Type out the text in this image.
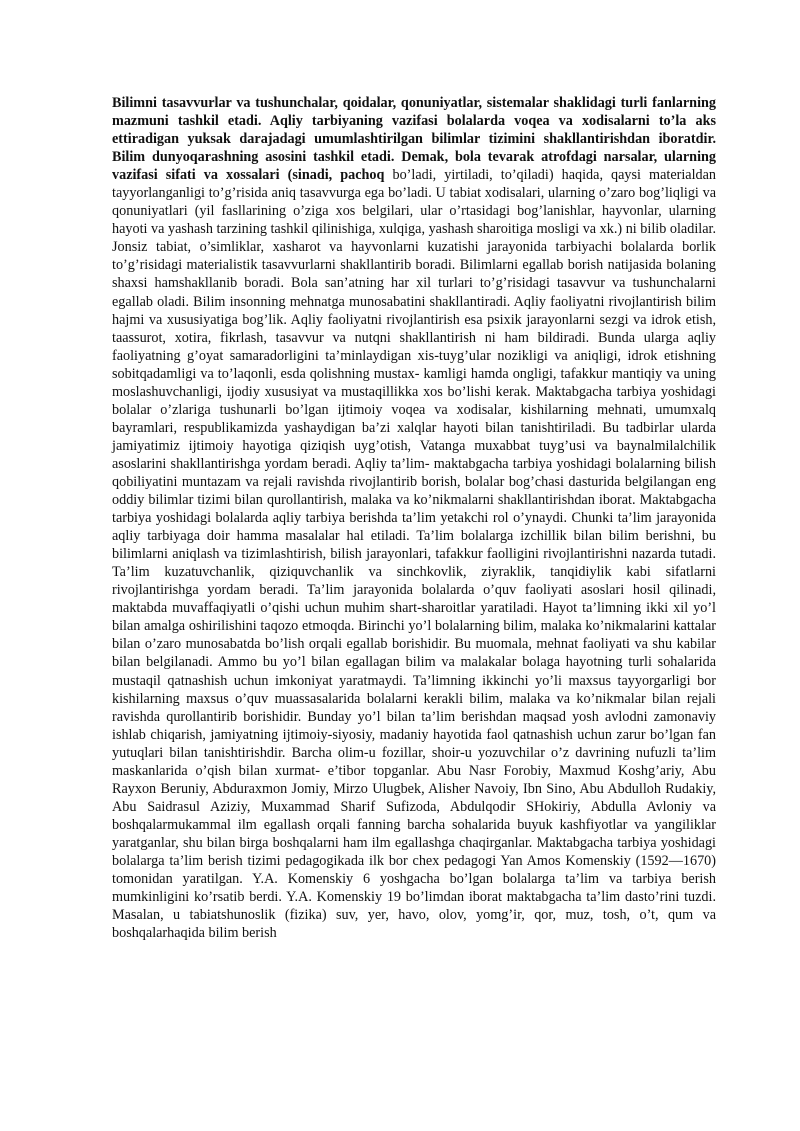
Bilimni tasavvurlar va tushunchalar, qoidalar, qonuniyatlar, sistemalar shaklidagi turli fanlarning mazmuni tashkil etadi. Aqliy tarbiyaning vazifasi bolalarda voqea va xodisalarni to’la aks ettiradigan yuksak darajadagi umumlashtirilgan bilimlar tizimini shakllantirishdan iboratdir. Bilim dunyoqarashning asosini tashkil etadi. Demak, bola tevarak atrofdagi narsalar, ularning vazifasi sifati va xossalari (sinadi, pachoq bo’ladi, yirtiladi, to’qiladi) haqida, qaysi materialdan tayyorlanganligi to’g’risida aniq tasavvurga ega bo’ladi. U tabiat xodisalari, ularning o’zaro bog’liqligi va qonuniyatlari (yil fasllarining o’ziga xos belgilari, ular o’rtasidagi bog’lanishlar, hayvonlar, ularning hayoti va yashash tarzining tashkil qilinishiga, xulqiga, yashash sharoitiga mosligi va xk.) ni bilib oladilar. Jonsiz tabiat, o’simliklar, xasharot va hayvonlarni kuzatishi jarayonida tarbiyachi bolalarda borlik to’g’risidagi materialistik tasavvurlarni shakllantirib boradi. Bilimlarni egallab borish natijasida bolaning shaxsi hamshakllanib boradi. Bola san’atning har xil turlari to’g’risidagi tasavvur va tushunchalarni egallab oladi. Bilim insonning mehnatga munosabatini shakllantiradi. Aqliy faoliyatni rivojlantirish bilim hajmi va xususiyatiga bog’lik. Aqliy faoliyatni rivojlantirish esa psixik jarayonlarni sezgi va idrok etish, taassurot, xotira, fikrlash, tasavvur va nutqni shakllantirish ni ham bildiradi. Bunda ularga aqliy faoliyatning g’oyat samaradorligini ta’minlaydigan xis-tuyg’ular nozikligi va aniqligi, idrok etishning sobitqadamligi va to’laqonli, esda qolishning mustax- kamligi hamda ongligi, tafakkur mantiqiy va uning moslashuvchanligi, ijodiy xususiyat va mustaqillikka xos bo’lishi kerak. Maktabgacha tarbiya yoshidagi bolalar o’zlariga tushunarli bo’lgan ijtimoiy voqea va xodisalar, kishilarning mehnati, umumxalq bayramlari, respublikamizda yashaydigan ba’zi xalqlar hayoti bilan tanishtiriladi. Bu tadbirlar ularda jamiyatimiz ijtimoiy hayotiga qiziqish uyg’otish, Vatanga muxabbat tuyg’usi va baynalmilalchilik asoslarini shakllantirishga yordam beradi. Aqliy ta’lim- maktabgacha tarbiya yoshidagi bolalarning bilish qobiliyatini muntazam va rejali ravishda rivojlantirib borish, bolalar bog’chasi dasturida belgilangan eng oddiy bilimlar tizimi bilan qurollantirish, malaka va ko’nikmalarni shakllantirishdan iborat. Maktabgacha tarbiya yoshidagi bolalarda aqliy tarbiya berishda ta’lim yetakchi rol o’ynaydi. Chunki ta’lim jarayonida aqliy tarbiyaga doir hamma masalalar hal etiladi. Ta’lim bolalarga izchillik bilan bilim berishni, bu bilimlarni aniqlash va tizimlashtirish, bilish jarayonlari, tafakkur faolligini rivojlantirishni nazarda tutadi. Ta’lim kuzatuvchanlik, qiziquvchanlik va sinchkovlik, ziyraklik, tanqidiylik kabi sifatlarni rivojlantirishga yordam beradi. Ta’lim jarayonida bolalarda o’quv faoliyati asoslari hosil qilinadi, maktabda muvaffaqiyatli o’qishi uchun muhim shart-sharoitlar yaratiladi. Hayot ta’limning ikki xil yo’l bilan amalga oshirilishini taqozo etmoqda. Birinchi yo’l bolalarning bilim, malaka ko’nikmalarini kattalar bilan o’zaro munosabatda bo’lish orqali egallab borishidir. Bu muomala, mehnat faoliyati va shu kabilar bilan belgilanadi. Ammo bu yo’l bilan egallagan bilim va malakalar bolaga hayotning turli sohalarida mustaqil qatnashish uchun imkoniyat yaratmaydi. Ta’limning ikkinchi yo’li maxsus tayyorgarligi bor kishilarning maxsus o’quv muassasalarida bolalarni kerakli bilim, malaka va ko’nikmalar bilan rejali ravishda qurollantirib borishidir. Bunday yo’l bilan ta’lim berishdan maqsad yosh avlodni zamonaviy ishlab chiqarish, jamiyatning ijtimoiy-siyosiy, madaniy hayotida faol qatnashish uchun zarur bo’lgan fan yutuqlari bilan tanishtirishdir. Barcha olim-u fozillar, shoir-u yozuvchilar o’z davrining nufuzli ta’lim maskanlarida o’qish bilan xurmat- e’tibor topganlar. Abu Nasr Forobiy, Maxmud Koshg’ariy, Abu Rayxon Beruniy, Abduraxmon Jomiy, Mirzo Ulugbek, Alisher Navoiy, Ibn Sino, Abu Abdulloh Rudakiy, Abu Saidrasul Aziziy, Muxammad Sharif Sufizoda, Abdulqodir SHokiriy, Abdulla Avloniy va boshqalarmukammal ilm egallash orqali fanning barcha sohalarida buyuk kashfiyotlar va yangiliklar yaratganlar, shu bilan birga boshqalarni ham ilm egallashga chaqirganlar. Maktabgacha tarbiya yoshidagi bolalarga ta’lim berish tizimi pedagogikada ilk bor chex pedagogi Yan Amos Komenskiy (1592—1670) tomonidan yaratilgan. Y.A. Komenskiy 6 yoshgacha bo’lgan bolalarga ta’lim va tarbiya berish mumkinligini ko’rsatib berdi. Y.A. Komenskiy 19 bo’limdan iborat maktabgacha ta’lim dasto’rini tuzdi. Masalan, u tabiatshunoslik (fizika) suv, yer, havo, olov, yomg’ir, qor, muz, tosh, o’t, qum va boshqalarhaqida bilim berish
